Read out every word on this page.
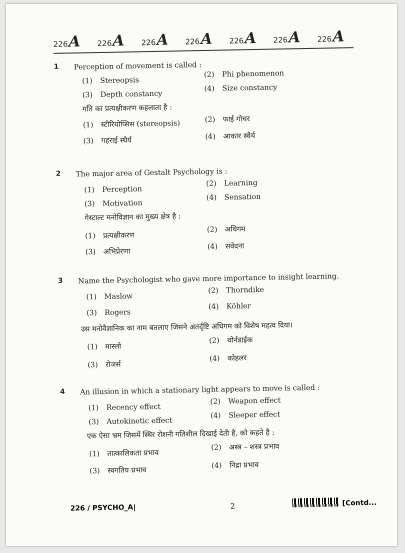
226A 226A 226A 226A 226A 226A 226A
1 Perception of movement is called :
(1) Stereopsis
(2) Phi phenomenon
(3) Depth constancy
(4) Size constancy
गति का प्रत्यक्षीकरण कहलाता है :
(1) स्टीरियोप्सिस (stereopsis)	(2) फाई गोचर
(3) गहराई स्थैर्य	(4) आकार स्थैर्य
2 The major area of Gestalt Psychology is :
(1) Perception
(2) Learning
(3) Motivation
(4) Sensation
गेस्टाल्ट मनोविज्ञान का मुख्य क्षेत्र है :
(1) प्रत्यक्षीकरण
(2) अधिगम
(3) अभिप्रेरणा
(4) संवेदना
3 Name the Psychologist who gave more importance to insight learning.
(1) Maslow
(2) Thorndike
(3) Rogers
(4) Köhler
उस मनोवैज्ञानिक का नाम बतलाए जिसने अंतर्दृष्टि अधिगम को विशेष महत्व दिया।
(1) मास्लो
(2) थोर्नडाईक
(3) रोजर्स
(4) कोहलर
4 An illusion in which a stationary light appears to move is called :
(1) Recency effect
(2) Weapon effect
(3) Autokinetic effect
(4) Sleeper effect
एक ऐसा भ्रम जिसमें स्थिर रोशनी गतिशील दिखाई देती है, को कहते है :
(1) तात्कालिकता प्रभाव
(2) अस्त्र – शस्त्र प्रभाव
(3) स्वगतिय प्रभाव	(4) निद्रा प्रभाव
226 / PSYCHO_A|	2	[Contd...
